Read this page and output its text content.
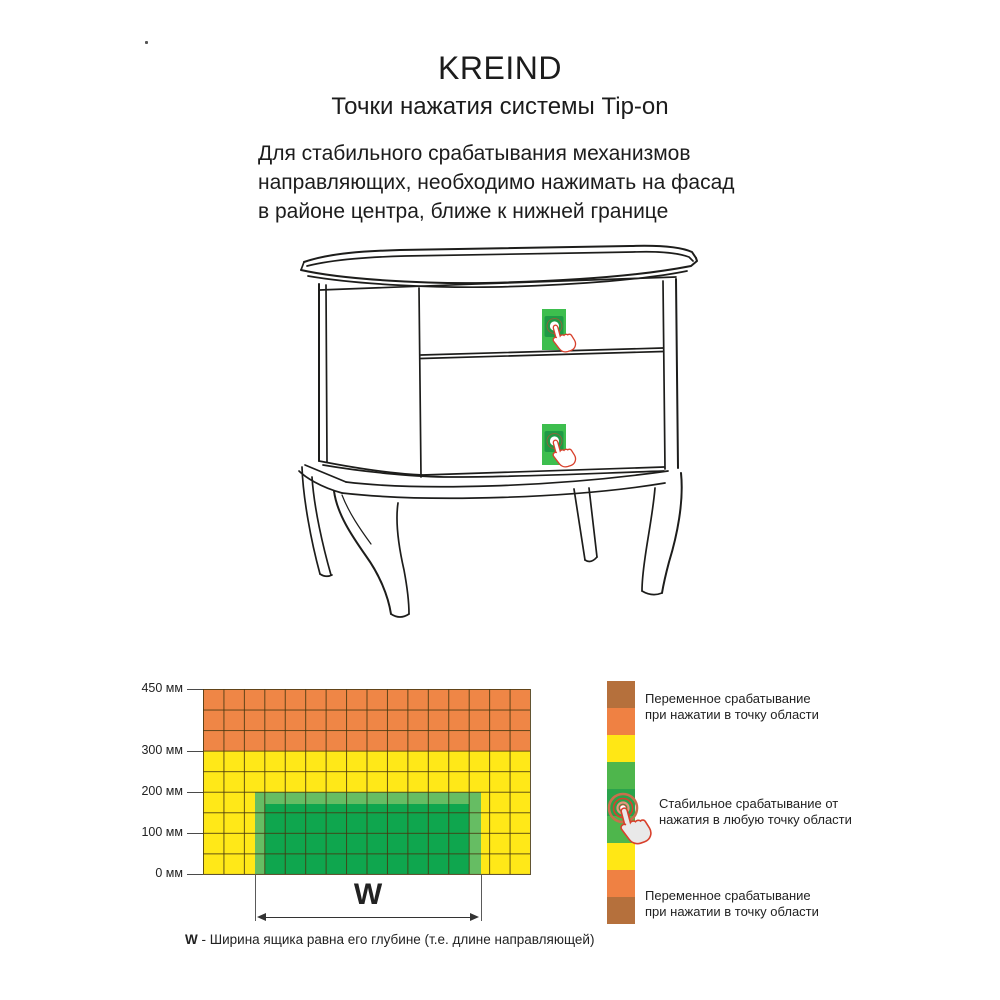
KREIND
Точки нажатия системы Tip-on
Для стабильного срабатывания механизмов
направляющих, необходимо нажимать на фасад
в районе центра, ближе к нижней границе
W
W - Ширина ящика равна его глубине (т.е. длине направляющей)
450 мм
300 мм
200 мм
100 мм
0 мм
Переменное срабатывание
при нажатии в точку области
Стабильное срабатывание от
нажатия в любую точку области
Переменное срабатывание
при нажатии в точку области
